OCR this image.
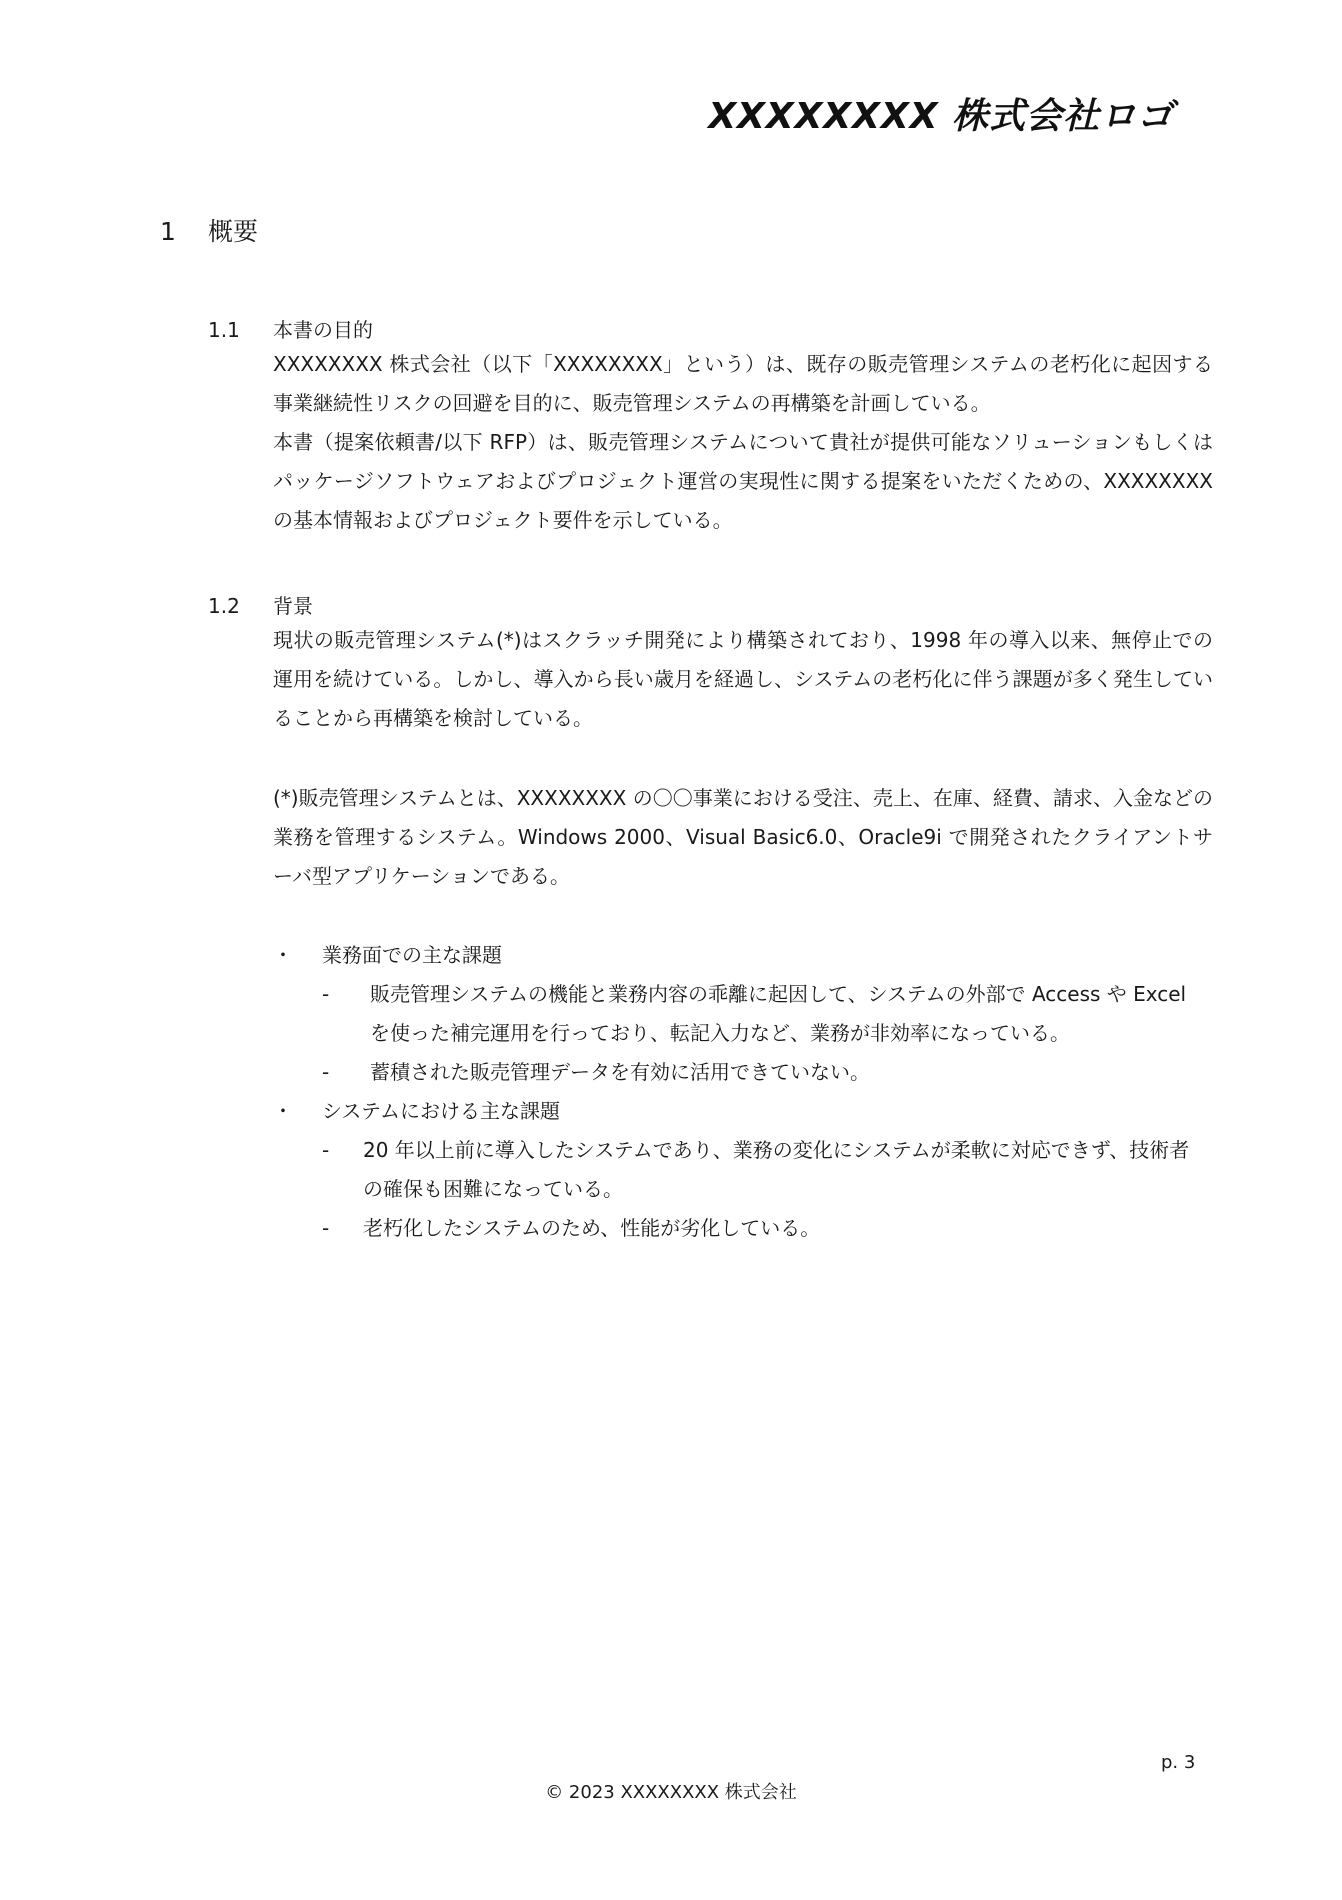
XXXXXXXX 株式会社ロゴ
1 概要
1.1 本書の目的

XXXXXXXX 株式会社（以下「XXXXXXXX」という）は、既存の販売管理システムの老朽化に起因する事業継続性リスクの回避を目的に、販売管理システムの再構築を計画している。

本書（提案依頼書/以下 RFP）は、販売管理システムについて貴社が提供可能なソリューションもしくはパッケージソフトウェアおよびプロジェクト運営の実現性に関する提案をいただくための、XXXXXXXX の基本情報およびプロジェクト要件を示している。

1.2 背景

現状の販売管理システム(*)はスクラッチ開発により構築されており、1998 年の導入以来、無停止での運用を続けている。しかし、導入から長い歳月を経過し、システムの老朽化に伴う課題が多く発生していることから再構築を検討している。

(*)販売管理システムとは、XXXXXXXX の〇〇事業における受注、売上、在庫、経費、請求、入金などの業務を管理するシステム。Windows 2000、Visual Basic6.0、Oracle9i で開発されたクライアントサーバ型アプリケーションである。

・ 業務面での主な課題
- 販売管理システムの機能と業務内容の乖離に起因して、システムの外部で Access や Excel を使った補完運用を行っており、転記入力など、業務が非効率になっている。
- 蓄積された販売管理データを有効に活用できていない。
・ システムにおける主な課題
- 20 年以上前に導入したシステムであり、業務の変化にシステムが柔軟に対応できず、技術者の確保も困難になっている。
- 老朽化したシステムのため、性能が劣化している。
p. 3
© 2023 XXXXXXXX 株式会社
